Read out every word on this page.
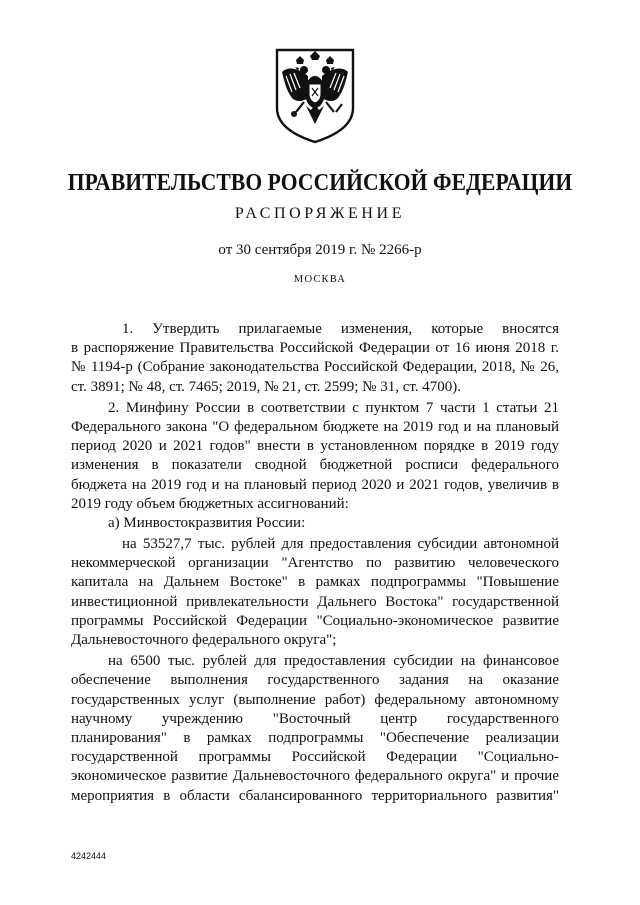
ПРАВИТЕЛЬСТВО РОССИЙСКОЙ ФЕДЕРАЦИИ
РАСПОРЯЖЕНИЕ
от 30 сентября 2019 г. № 2266-р
МОСКВА
1. Утвердить прилагаемые изменения, которые вносятся
в распоряжение Правительства Российской Федерации от 16 июня 2018 г.
№ 1194-р (Собрание законодательства Российской Федерации, 2018, № 26,
ст. 3891; № 48, ст. 7465; 2019, № 21, ст. 2599; № 31, ст. 4700).
2. Минфину России в соответствии с пунктом 7 части 1 статьи 21
Федерального закона "О федеральном бюджете на 2019 год и на плановый
период 2020 и 2021 годов" внести в установленном порядке в 2019 году
изменения в показатели сводной бюджетной росписи федерального
бюджета на 2019 год и на плановый период 2020 и 2021 годов, увеличив в
2019 году объем бюджетных ассигнований:
а) Минвостокразвития России:
на 53527,7 тыс. рублей для предоставления субсидии автономной
некоммерческой организации "Агентство по развитию человеческого
капитала на Дальнем Востоке" в рамках подпрограммы "Повышение
инвестиционной привлекательности Дальнего Востока" государственной
программы Российской Федерации "Социально-экономическое развитие
Дальневосточного федерального округа";
на 6500 тыс. рублей для предоставления субсидии на финансовое
обеспечение выполнения государственного задания на оказание
государственных услуг (выполнение работ) федеральному автономному
научному учреждению "Восточный центр государственного
планирования" в рамках подпрограммы "Обеспечение реализации
государственной программы Российской Федерации "Социально-
экономическое развитие Дальневосточного федерального округа" и прочие
мероприятия в области сбалансированного территориального развития"
4242444
